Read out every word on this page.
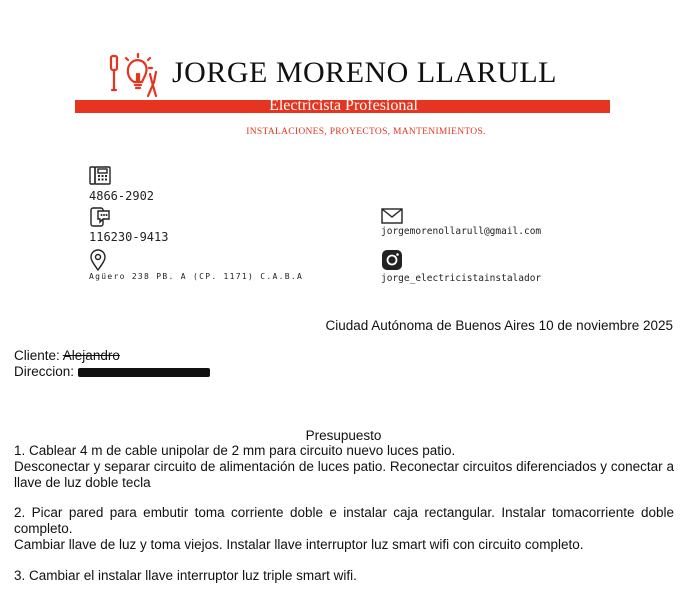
JORGE MORENO LLARULL
Electricista Profesional
INSTALACIONES, PROYECTOS, MANTENIMIENTOS.
4866-2902
116230-9413
Agüero 238 PB. A (CP. 1171) C.A.B.A
jorgemorenollarull@gmail.com
jorge_electricistainstalador
Ciudad Autónoma de Buenos Aires 10 de noviembre 2025
Cliente: Alejandro
Direccion:
Presupuesto
1. Cablear 4 m de cable unipolar de 2 mm para circuito nuevo luces patio.
Desconectar y separar circuito de alimentación de luces patio. Reconectar circuitos diferenciados y conectar a llave de luz doble tecla
2. Picar pared para embutir toma corriente doble e instalar caja rectangular. Instalar tomacorriente doble completo.
Cambiar llave de luz y toma viejos. Instalar llave interruptor luz smart wifi con circuito completo.
3. Cambiar el instalar llave interruptor luz triple smart wifi.
